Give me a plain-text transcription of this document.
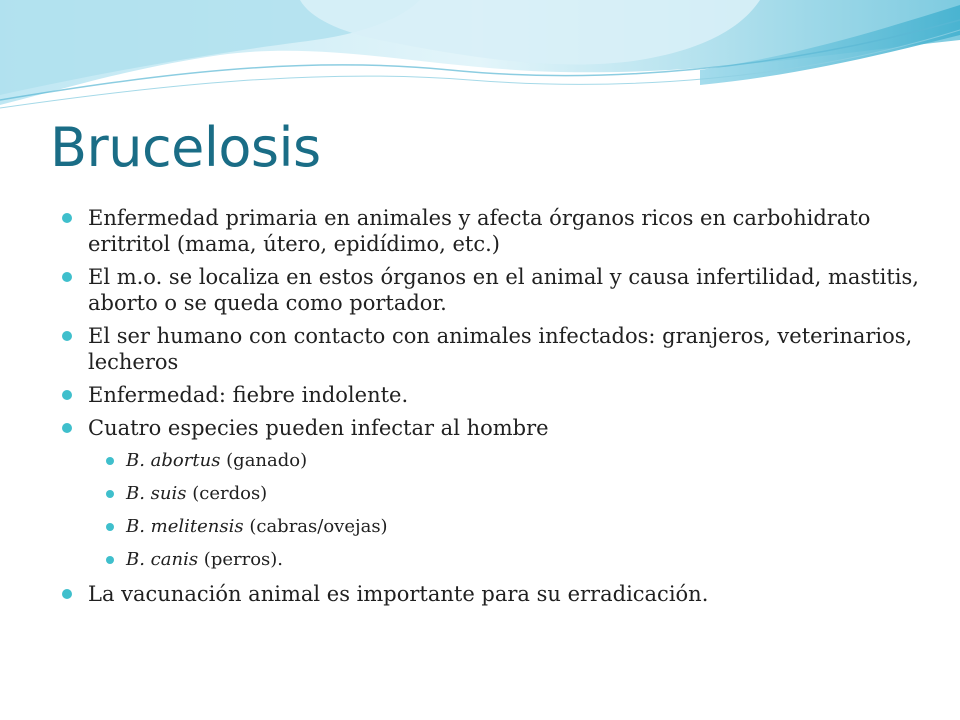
Brucelosis
Enfermedad primaria en animales y afecta órganos ricos en carbohidrato eritritol (mama, útero, epidídimo, etc.)
El m.o. se localiza en estos órganos en el animal y causa infertilidad, mastitis, aborto o se queda como portador.
El ser humano con contacto con animales infectados: granjeros, veterinarios, lecheros
Enfermedad: fiebre indolente.
Cuatro especies pueden infectar al hombre
B. abortus (ganado)
B. suis (cerdos)
B. melitensis (cabras/ovejas)
B. canis (perros).
La vacunación animal es importante para su erradicación.
